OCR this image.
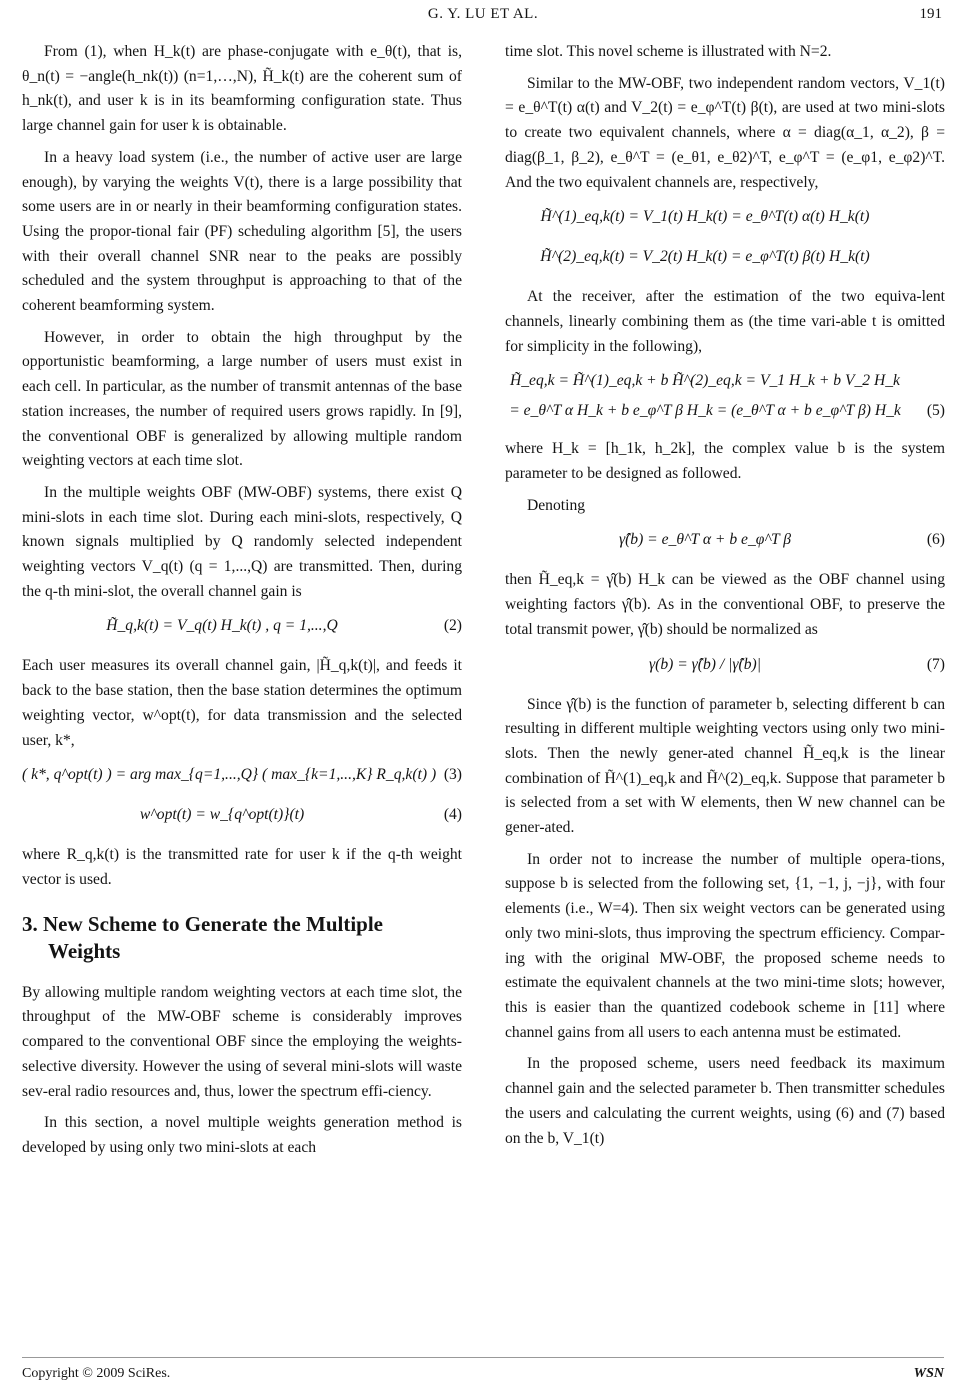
G. Y. LU ET AL.	191

From (1), when H_k(t) are phase-conjugate with e_θ(t), that is, θ_n(t) = −angle(h_nk(t)) (n=1,…,N), H̃_k(t) are the coherent sum of h_nk(t), and user k is in its beamforming configuration state. Thus large channel gain for user k is obtainable.

In a heavy load system (i.e., the number of active user are large enough), by varying the weights V(t), there is a large possibility that some users are in or nearly in their beamforming configuration states. Using the propor-tional fair (PF) scheduling algorithm [5], the users with their overall channel SNR near to the peaks are possibly scheduled and the system throughput is approaching to that of the coherent beamforming system.

However, in order to obtain the high throughput by the opportunistic beamforming, a large number of users must exist in each cell. In particular, as the number of transmit antennas of the base station increases, the number of required users grows rapidly. In [9], the conventional OBF is generalized by allowing multiple random weighting vectors at each time slot.

In the multiple weights OBF (MW-OBF) systems, there exist Q mini-slots in each time slot. During each mini-slots, respectively, Q known signals multiplied by Q randomly selected independent weighting vectors V_q(t) (q = 1,...,Q) are transmitted. Then, during the q-th mini-slot, the overall channel gain is

H̃_q,k(t) = V_q(t) H_k(t) , q = 1,...,Q	(2)

Each user measures its overall channel gain, |H̃_q,k(t)|, and feeds it back to the base station, then the base station determines the optimum weighting vector, w^opt(t), for data transmission and the selected user, k*,

( k*, q^opt(t) ) = arg max_{q=1,...,Q} ( max_{k=1,...,K} R_q,k(t) ) (3)
w^opt(t) = w_{q^opt(t)}(t)	(4)

where R_q,k(t) is the transmitted rate for user k if the q-th weight vector is used.

3. New Scheme to Generate the Multiple
Weights

By allowing multiple random weighting vectors at each time slot, the throughput of the MW-OBF scheme is considerably improves compared to the conventional OBF since the employing the weights-selective diversity. However the using of several mini-slots will waste sev-eral radio resources and, thus, lower the spectrum effi-ciency.

In this section, a novel multiple weights generation method is developed by using only two mini-slots at each

time slot. This novel scheme is illustrated with N=2.

Similar to the MW-OBF, two independent random vectors, V_1(t) = e_θ^T(t) α(t) and V_2(t) = e_φ^T(t) β(t), are used at two mini-slots to create two equivalent channels, where α = diag(α_1, α_2), β = diag(β_1, β_2), e_θ^T = (e_θ1, e_θ2)^T, e_φ^T = (e_φ1, e_φ2)^T. And the two equivalent channels are, respectively,

H̃^(1)_eq,k(t) = V_1(t) H_k(t) = e_θ^T(t) α(t) H_k(t)
H̃^(2)_eq,k(t) = V_2(t) H_k(t) = e_φ^T(t) β(t) H_k(t)

At the receiver, after the estimation of the two equiva-lent channels, linearly combining them as (the time vari-able t is omitted for simplicity in the following),

H̃_eq,k = H̃^(1)_eq,k + b H̃^(2)_eq,k = V_1 H_k + b V_2 H_k
= e_θ^T α H_k + b e_φ^T β H_k = (e_θ^T α + b e_φ^T β) H_k (5)

where H_k = [h_1k, h_2k], the complex value b is the system parameter to be designed as followed.

Denoting

γ̂(b) = e_θ^T α + b e_φ^T β	(6)

then H̃_eq,k = γ̂(b) H_k can be viewed as the OBF channel using weighting factors γ̂(b). As in the conventional OBF, to preserve the total transmit power, γ̂(b) should be normalized as

γ(b) = γ̂(b) / |γ̂(b)|	(7)

Since γ̂(b) is the function of parameter b, selecting different b can resulting in different multiple weighting vectors using only two mini-slots. Then the newly gener-ated channel H̃_eq,k is the linear combination of H̃^(1)_eq,k and H̃^(2)_eq,k. Suppose that parameter b is selected from a set with W elements, then W new channel can be gener-ated.

In order not to increase the number of multiple opera-tions, suppose b is selected from the following set, {1, −1, j, −j}, with four elements (i.e., W=4). Then six weight vectors can be generated using only two mini-slots, thus improving the spectrum efficiency. Compar-ing with the original MW-OBF, the proposed scheme needs to estimate the equivalent channels at the two mini-time slots; however, this is easier than the quantized codebook scheme in [11] where channel gains from all users to each antenna must be estimated.

In the proposed scheme, users need feedback its maximum channel gain and the selected parameter b. Then transmitter schedules the users and calculating the current weights, using (6) and (7) based on the b, V_1(t)

Copyright © 2009 SciRes.	WSN
